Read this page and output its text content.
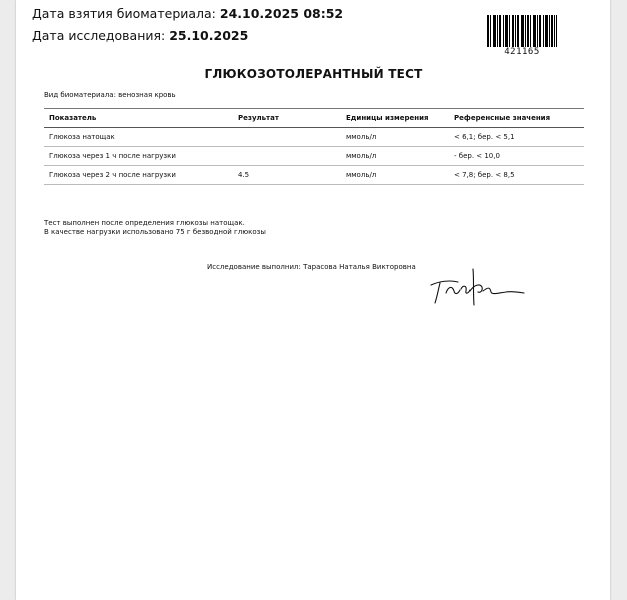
Дата взятия биоматериала: 24.10.2025 08:52
Дата исследования: 25.10.2025
421165
ГЛЮКОЗОТОЛЕРАНТНЫЙ ТЕСТ
Вид биоматериала: венозная кровь
Показатель	Результат	Единицы измерения	Референсные значения
Глюкоза натощак		ммоль/л	< 6,1; бер. < 5,1
Глюкоза через 1 ч после нагрузки		ммоль/л	- бер. < 10,0
Глюкоза через 2 ч после нагрузки	4.5	ммоль/л	< 7,8; бер. < 8,5
Тест выполнен после определения глюкозы натощак.
В качестве нагрузки использовано 75 г безводной глюкозы
Исследование выполнил: Тарасова Наталья Викторовна
